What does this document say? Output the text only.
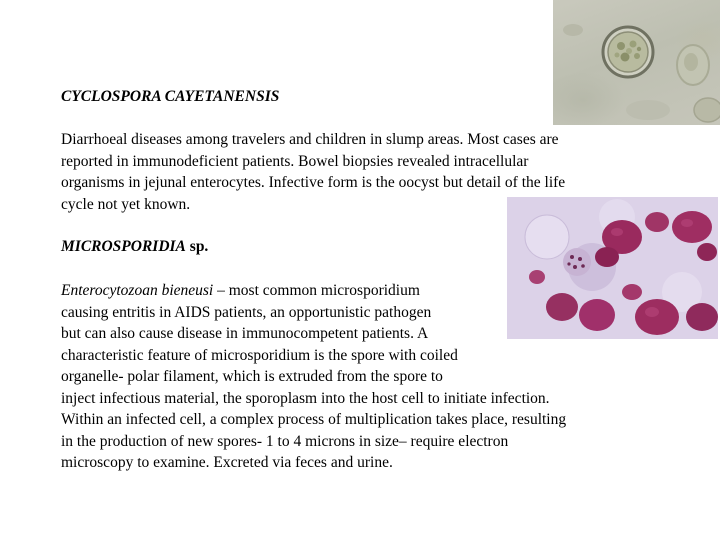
CYCLOSPORA CAYETANENSIS
Diarrhoeal diseases among travelers and children in slump areas. Most cases are
reported in immunodeficient patients. Bowel biopsies revealed intracellular
organisms in jejunal enterocytes. Infective form is the oocyst but detail of the life
cycle not yet known.
MICROSPORIDIA sp.
Enterocytozoan bieneusi – most common microsporidium
causing entritis in AIDS patients, an opportunistic pathogen
but can also cause disease in immunocompetent patients. A
characteristic feature of microsporidium is the spore with coiled
organelle- polar filament, which is extruded from the spore to
inject infectious material, the sporoplasm into the host cell to initiate infection.
Within an infected cell, a complex process of multiplication takes place, resulting
in the production of new spores- 1 to 4 microns in size– require electron
microscopy to examine. Excreted via feces and urine.
